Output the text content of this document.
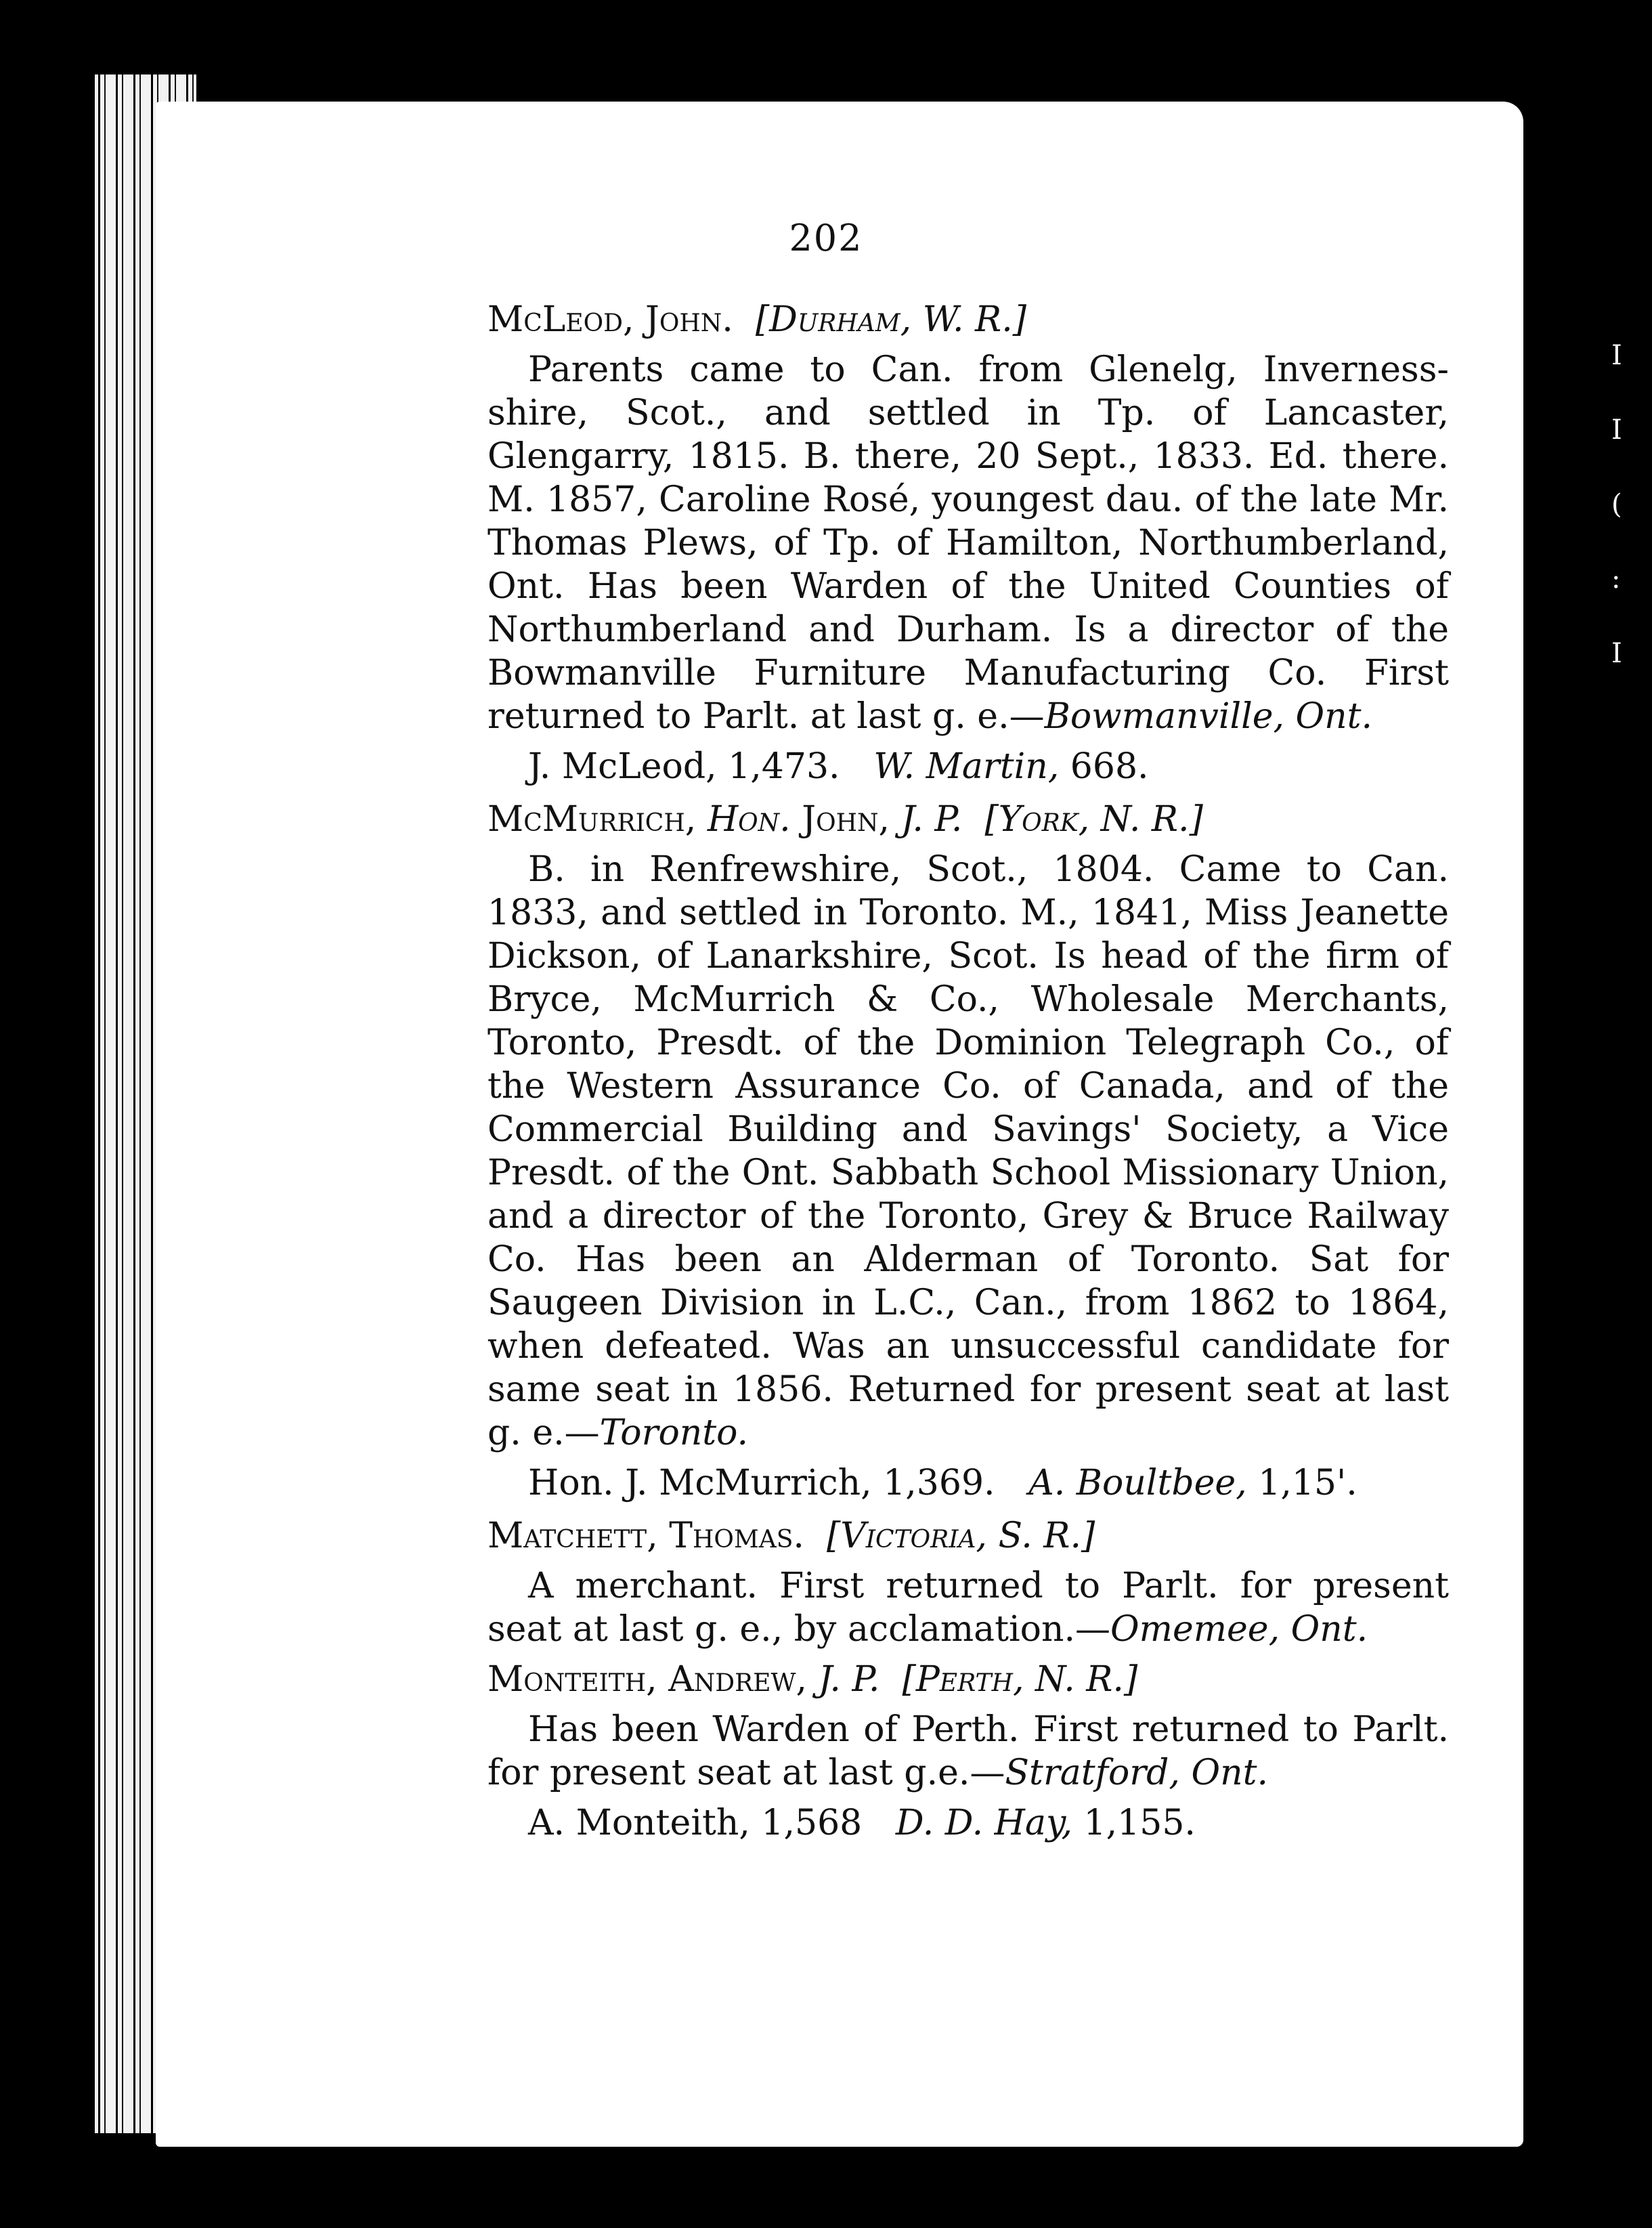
202
McLeod, John. [Durham, W. R.]
Parents came to Can. from Glenelg, Inverness-shire, Scot., and settled in Tp. of Lancaster, Glengarry, 1815. B. there, 20 Sept., 1833. Ed. there. M. 1857, Caroline Rosé, youngest dau. of the late Mr. Thomas Plews, of Tp. of Hamilton, Northumberland, Ont. Has been Warden of the United Counties of Northumberland and Durham. Is a director of the Bowmanville Furniture Manufacturing Co. First returned to Parlt. at last g. e.—Bowmanville, Ont.
J. McLeod, 1,473. W. Martin, 668.
McMurrich, Hon. John, J. P. [York, N. R.]
B. in Renfrewshire, Scot., 1804. Came to Can. 1833, and settled in Toronto. M., 1841, Miss Jeanette Dickson, of Lanarkshire, Scot. Is head of the firm of Bryce, McMurrich & Co., Wholesale Merchants, Toronto, Presdt. of the Dominion Telegraph Co., of the Western Assurance Co. of Canada, and of the Commercial Building and Savings' Society, a Vice Presdt. of the Ont. Sabbath School Missionary Union, and a director of the Toronto, Grey & Bruce Railway Co. Has been an Alderman of Toronto. Sat for Saugeen Division in L.C., Can., from 1862 to 1864, when defeated. Was an unsuccessful candidate for same seat in 1856. Returned for present seat at last g. e.—Toronto.
Hon. J. McMurrich, 1,369. A. Boultbee, 1,15'.
Matchett, Thomas. [Victoria, S. R.]
A merchant. First returned to Parlt. for present seat at last g. e., by acclamation.—Omemee, Ont.
Monteith, Andrew, J. P. [Perth, N. R.]
Has been Warden of Perth. First returned to Parlt. for present seat at last g.e.—Stratford, Ont.
A. Monteith, 1,568 D. D. Hay, 1,155.
I
I
(
:
I
